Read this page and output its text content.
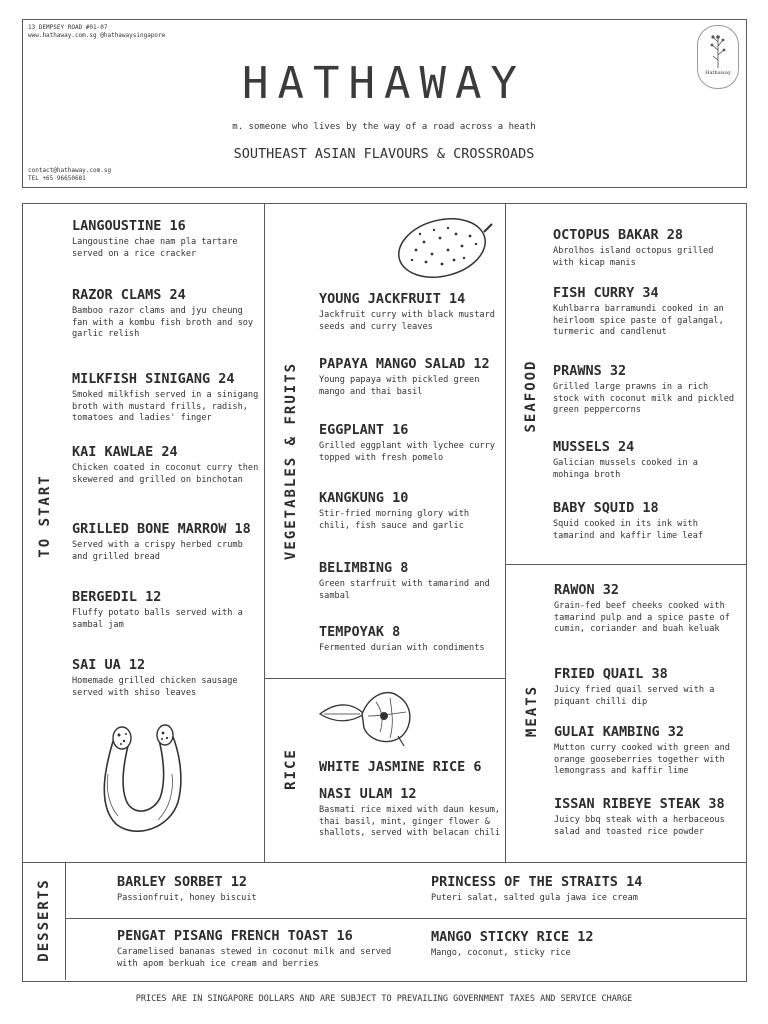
13 DEMPSEY ROAD #01-07
www.hathaway.com.sg @hathawaysingapore
HATHAWAY
m. someone who lives by the way of a road across a heath
SOUTHEAST ASIAN FLAVOURS & CROSSROADS
contact@hathaway.com.sg
TEL +65 96650681
Hathaway
TO START	VEGETABLES & FRUITS
RICE
SEAFOOD
MEATS
DESSERTS
LANGOUSTINE 16
Langoustine chae nam pla tartare served on a rice cracker
RAZOR CLAMS 24
Bamboo razor clams and jyu cheung fan with a kombu fish broth and soy garlic relish
MILKFISH SINIGANG 24
Smoked milkfish served in a sinigang broth with mustard frills, radish, tomatoes and ladies' finger
KAI KAWLAE 24
Chicken coated in coconut curry then skewered and grilled on binchotan
GRILLED BONE MARROW 18
Served with a crispy herbed crumb and grilled bread
BERGEDIL 12
Fluffy potato balls served with a sambal jam
SAI UA 12
Homemade grilled chicken sausage served with shiso leaves
YOUNG JACKFRUIT 14
Jackfruit curry with black mustard seeds and curry leaves
PAPAYA MANGO SALAD 12
Young papaya with pickled green mango and thai basil
EGGPLANT 16
Grilled eggplant with lychee curry topped with fresh pomelo
KANGKUNG 10
Stir-fried morning glory with chili, fish sauce and garlic
BELIMBING 8
Green starfruit with tamarind and sambal
TEMPOYAK 8
Fermented durian with condiments
WHITE JASMINE RICE 6
NASI ULAM 12
Basmati rice mixed with daun kesum, thai basil, mint, ginger flower & shallots, served with belacan chili
OCTOPUS BAKAR 28
Abrolhos island octopus grilled with kicap manis
FISH CURRY 34
Kuhlbarra barramundi cooked in an heirloom spice paste of galangal, turmeric and candlenut
PRAWNS 32
Grilled large prawns in a rich stock with coconut milk and pickled green peppercorns
MUSSELS 24
Galician mussels cooked in a mohinga broth
BABY SQUID 18
Squid cooked in its ink with tamarind and kaffir lime leaf
RAWON 32
Grain-fed beef cheeks cooked with tamarind pulp and a spice paste of cumin, coriander and buah keluak
FRIED QUAIL 38
Juicy fried quail served with a piquant chilli dip
GULAI KAMBING 32
Mutton curry cooked with green and orange gooseberries together with lemongrass and kaffir lime
ISSAN RIBEYE STEAK 38
Juicy bbq steak with a herbaceous salad and toasted rice powder
BARLEY SORBET 12
Passionfruit, honey biscuit
PRINCESS OF THE STRAITS 14
Puteri salat, salted gula jawa ice cream
PENGAT PISANG FRENCH TOAST 16
Caramelised bananas stewed in coconut milk and served with apom berkuah ice cream and berries
MANGO STICKY RICE 12
Mango, coconut, sticky rice
PRICES ARE IN SINGAPORE DOLLARS AND ARE SUBJECT TO PREVAILING GOVERNMENT TAXES AND SERVICE CHARGE
